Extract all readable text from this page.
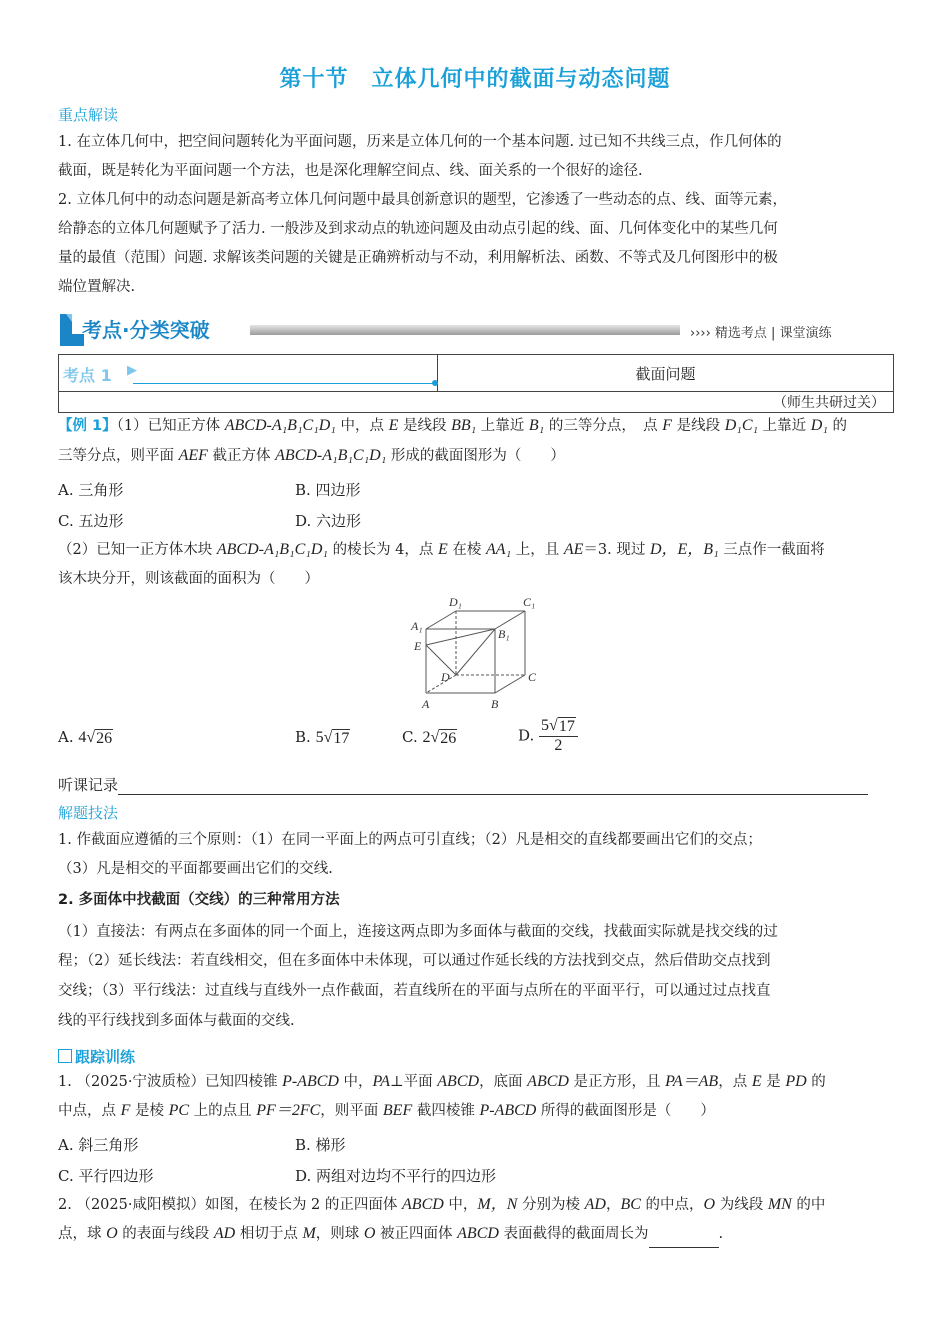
第十节　立体几何中的截面与动态问题
重点解读
1. 在立体几何中，把空间问题转化为平面问题，历来是立体几何的一个基本问题. 过已知不共线三点，作几何体的
截面，既是转化为平面问题一个方法，也是深化理解空间点、线、面关系的一个很好的途径.
2. 立体几何中的动态问题是新高考立体几何问题中最具创新意识的题型，它渗透了一些动态的点、线、面等元素，
给静态的立体几何题赋予了活力. 一般涉及到求动点的轨迹问题及由动点引起的线、面、几何体变化中的某些几何
量的最值（范围）问题. 求解该类问题的关键是正确辨析动与不动，利用解析法、函数、不等式及几何图形中的极
端位置解决.
考点·分类突破	›››› 精选考点 | 课堂演练
考点 1 ▶	截面问题
（师生共研过关）
【例 1】（1）已知正方体 ABCD-A₁B₁C₁D₁ 中，点 E 是线段 BB₁ 上靠近 B₁ 的三等分点，　点 F 是线段 D₁C₁ 上靠近 D₁ 的
三等分点，则平面 AEF 截正方体 ABCD-A₁B₁C₁D₁ 形成的截面图形为（　　）
A. 三角形	B. 四边形
C. 五边形	D. 六边形
（2）已知一正方体木块 ABCD-A₁B₁C₁D₁ 的棱长为 4，点 E 在棱 AA₁ 上，且 AE＝3. 现过 D，E，B₁ 三点作一截面将
该木块分开，则该截面的面积为（　　）
D₁	C₁
A₁
B₁
E
D	C
A	B
A. 4 √ 26	B. 5 √ 17	C. 2 √ 26	D. $\frac{5 √ 17}{2}$
听课记录
解题技法
1. 作截面应遵循的三个原则：（1）在同一平面上的两点可引直线；（2）凡是相交的直线都要画出它们的交点；
（3）凡是相交的平面都要画出它们的交线.
2. 多面体中找截面（交线）的三种常用方法
（1）直接法：有两点在多面体的同一个面上，连接这两点即为多面体与截面的交线，找截面实际就是找交线的过
程；（2）延长线法：若直线相交，但在多面体中未体现，可以通过作延长线的方法找到交点，然后借助交点找到
交线；（3）平行线法：过直线与直线外一点作截面，若直线所在的平面与点所在的平面平行，可以通过过点找直
线的平行线找到多面体与截面的交线.
跟踪训练
1. （2025·宁波质检）已知四棱锥 P-ABCD 中，PA⊥平面 ABCD，底面 ABCD 是正方形，且 PA＝AB，点 E 是 PD 的
中点，点 F 是棱 PC 上的点且 PF＝2FC，则平面 BEF 截四棱锥 P-ABCD 所得的截面图形是（　　）
A. 斜三角形	B. 梯形
C. 平行四边形	D. 两组对边均不平行的四边形
2. （2025·咸阳模拟）如图，在棱长为 2 的正四面体 ABCD 中，M，N 分别为棱 AD，BC 的中点，O 为线段 MN 的中
点，球 O 的表面与线段 AD 相切于点 M，则球 O 被正四面体 ABCD 表面截得的截面周长为	.
